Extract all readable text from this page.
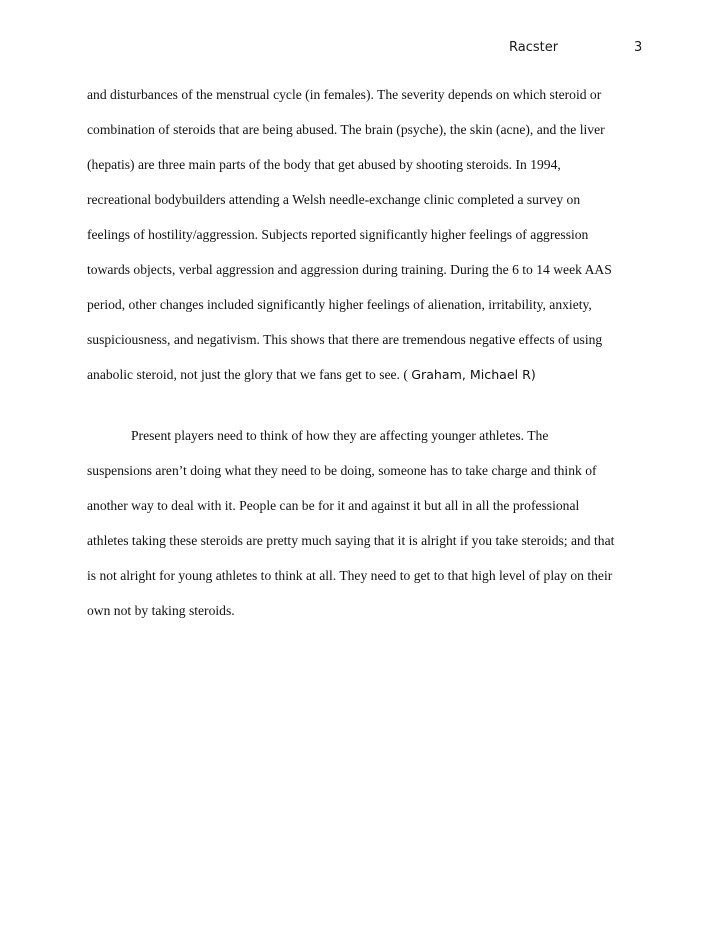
Racster	3
and disturbances of the menstrual cycle (in females). The severity depends on which steroid or
combination of steroids that are being abused. The brain (psyche), the skin (acne), and the liver
(hepatis) are three main parts of the body that get abused by shooting steroids. In 1994,
recreational bodybuilders attending a Welsh needle-exchange clinic completed a survey on
feelings of hostility/aggression. Subjects reported significantly higher feelings of aggression
towards objects, verbal aggression and aggression during training. During the 6 to 14 week AAS
period, other changes included significantly higher feelings of alienation, irritability, anxiety,
suspiciousness, and negativism. This shows that there are tremendous negative effects of using
anabolic steroid, not just the glory that we fans get to see. ( Graham, Michael R)
Present players need to think of how they are affecting younger athletes. The
suspensions aren’t doing what they need to be doing, someone has to take charge and think of
another way to deal with it. People can be for it and against it but all in all the professional
athletes taking these steroids are pretty much saying that it is alright if you take steroids; and that
is not alright for young athletes to think at all. They need to get to that high level of play on their
own not by taking steroids.
